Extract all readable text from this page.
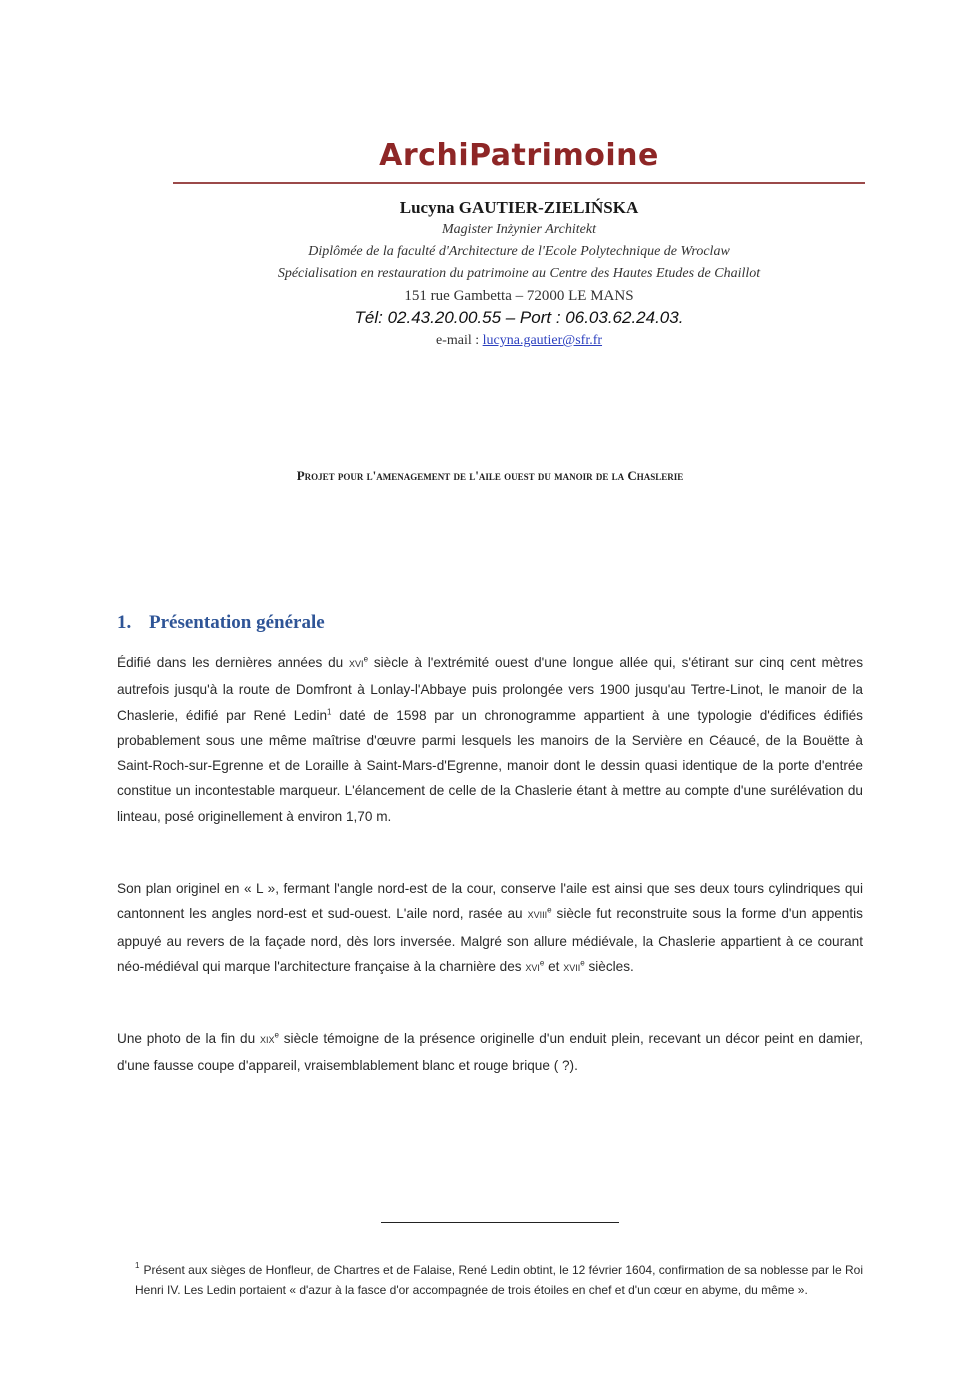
ArchiPatrimoine
Lucyna GAUTIER-ZIELIŃSKA
Magister Inżynier Architekt
Diplômée de la faculté d'Architecture de l'Ecole Polytechnique de Wroclaw
Spécialisation en restauration du patrimoine au Centre des Hautes Etudes de Chaillot
151 rue Gambetta – 72000 LE MANS
Tél: 02.43.20.00.55 – Port : 06.03.62.24.03.
e-mail : lucyna.gautier@sfr.fr
Projet pour l'amenagement de l'aile ouest du manoir de la Chaslerie
1. Présentation générale

Édifié dans les dernières années du XVIe siècle à l'extrémité ouest d'une longue allée qui, s'étirant sur cinq cent mètres autrefois jusqu'à la route de Domfront à Lonlay-l'Abbaye puis prolongée vers 1900 jusqu'au Tertre-Linot, le manoir de la Chaslerie, édifié par René Ledin$^1$ daté de 1598 par un chronogramme appartient à une typologie d'édifices édifiés probablement sous une même maîtrise d'œuvre parmi lesquels les manoirs de la Servière en Céaucé, de la Bouëtte à Saint-Roch-sur-Egrenne et de Loraille à Saint-Mars-d'Egrenne, manoir dont le dessin quasi identique de la porte d'entrée constitue un incontestable marqueur. L'élancement de celle de la Chaslerie étant à mettre au compte d'une surélévation du linteau, posé originellement à environ 1,70 m.

Son plan originel en « L », fermant l'angle nord-est de la cour, conserve l'aile est ainsi que ses deux tours cylindriques qui cantonnent les angles nord-est et sud-ouest. L'aile nord, rasée au XVIIIe siècle fut reconstruite sous la forme d'un appentis appuyé au revers de la façade nord, dès lors inversée. Malgré son allure médiévale, la Chaslerie appartient à ce courant néo-médiéval qui marque l'architecture française à la charnière des XVIe et XVIIe siècles.

Une photo de la fin du XIXe siècle témoigne de la présence originelle d'un enduit plein, recevant un décor peint en damier, d'une fausse coupe d'appareil, vraisemblablement blanc et rouge brique ( ?).

$^1$ Présent aux sièges de Honfleur, de Chartres et de Falaise, René Ledin obtint, le 12 février 1604, confirmation de sa noblesse par le Roi Henri IV. Les Ledin portaient « d'azur à la fasce d'or accompagnée de trois étoiles en chef et d'un cœur en abyme, du même ».
